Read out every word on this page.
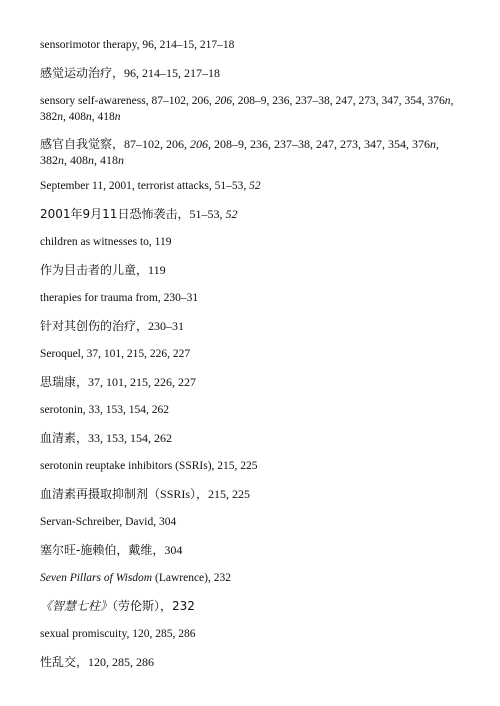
sensorimotor therapy, 96, 214–15, 217–18
感觉运动治疗，96, 214–15, 217–18
sensory self-awareness, 87–102, 206, 206, 208–9, 236, 237–38, 247, 273, 347, 354, 376n, 382n, 408n, 418n
感官自我觉察，87–102, 206, 206, 208–9, 236, 237–38, 247, 273, 347, 354, 376n, 382n, 408n, 418n
September 11, 2001, terrorist attacks, 51–53, 52
2001年9月11日恐怖袭击，51–53, 52
children as witnesses to, 119
作为目击者的儿童，119
therapies for trauma from, 230–31
针对其创伤的治疗，230–31
Seroquel, 37, 101, 215, 226, 227
思瑞康，37, 101, 215, 226, 227
serotonin, 33, 153, 154, 262
血清素，33, 153, 154, 262
serotonin reuptake inhibitors (SSRIs), 215, 225
血清素再摄取抑制剂（SSRIs），215, 225
Servan-Schreiber, David, 304
塞尔旺-施赖伯，戴维，304
Seven Pillars of Wisdom (Lawrence), 232
《智慧七柱》（劳伦斯），232
sexual promiscuity, 120, 285, 286
性乱交，120, 285, 286
